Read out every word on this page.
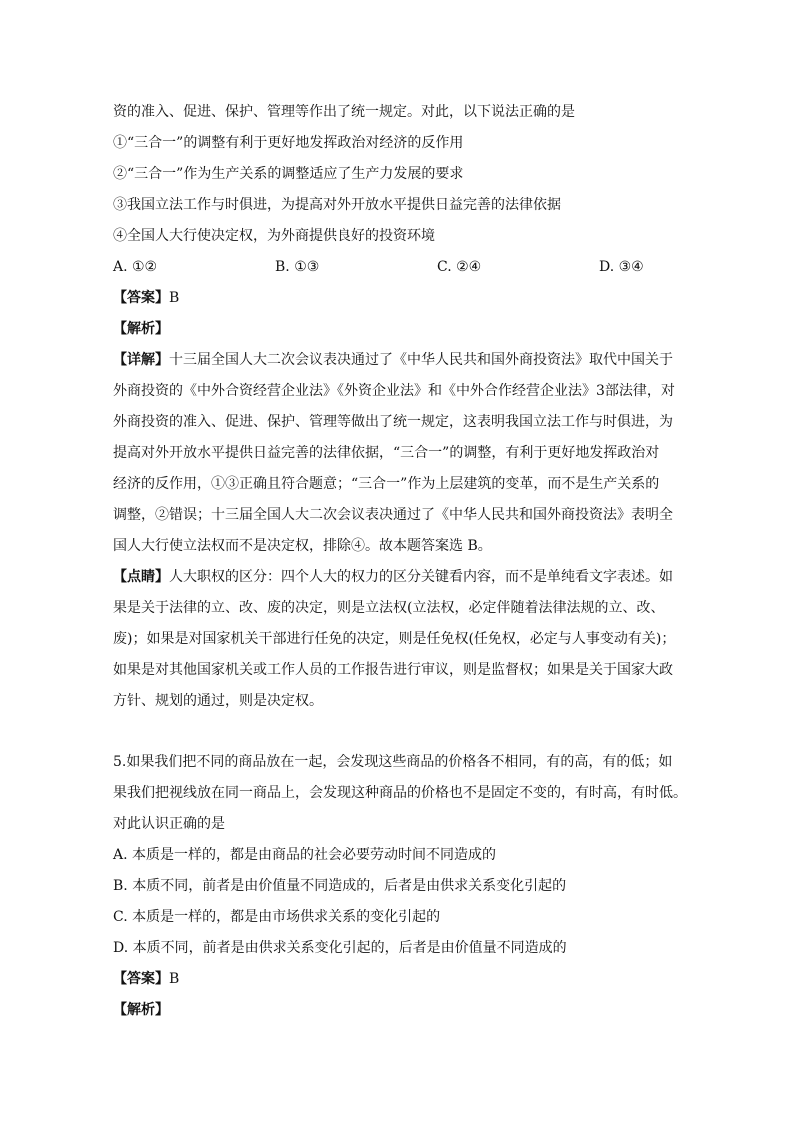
资的准入、促进、保护、管理等作出了统一规定。对此，以下说法正确的是
①“三合一”的调整有利于更好地发挥政治对经济的反作用
②“三合一”作为生产关系的调整适应了生产力发展的要求
③我国立法工作与时俱进，为提高对外开放水平提供日益完善的法律依据
④全国人大行使决定权，为外商提供良好的投资环境
A. ①②	B. ①③	C. ②④	D. ③④
【答案】B
【解析】
【详解】十三届全国人大二次会议表决通过了《中华人民共和国外商投资法》取代中国关于
外商投资的《中外合资经营企业法》《外资企业法》和《中外合作经营企业法》3部法律，对
外商投资的准入、促进、保护、管理等做出了统一规定，这表明我国立法工作与时俱进，为
提高对外开放水平提供日益完善的法律依据，“三合一”的调整，有利于更好地发挥政治对
经济的反作用，①③正确且符合题意；“三合一”作为上层建筑的变革，而不是生产关系的
调整，②错误；十三届全国人大二次会议表决通过了《中华人民共和国外商投资法》表明全
国人大行使立法权而不是决定权，排除④。故本题答案选 B。
【点睛】人大职权的区分：四个人大的权力的区分关键看内容，而不是单纯看文字表述。如
果是关于法律的立、改、废的决定，则是立法权(立法权，必定伴随着法律法规的立、改、
废)；如果是对国家机关干部进行任免的决定，则是任免权(任免权，必定与人事变动有关)；
如果是对其他国家机关或工作人员的工作报告进行审议，则是监督权；如果是关于国家大政
方针、规划的通过，则是决定权。
5.如果我们把不同的商品放在一起，会发现这些商品的价格各不相同，有的高，有的低；如
果我们把视线放在同一商品上，会发现这种商品的价格也不是固定不变的，有时高，有时低。
对此认识正确的是
A. 本质是一样的，都是由商品的社会必要劳动时间不同造成的
B. 本质不同，前者是由价值量不同造成的，后者是由供求关系变化引起的
C. 本质是一样的，都是由市场供求关系的变化引起的
D. 本质不同，前者是由供求关系变化引起的，后者是由价值量不同造成的
【答案】B
【解析】
